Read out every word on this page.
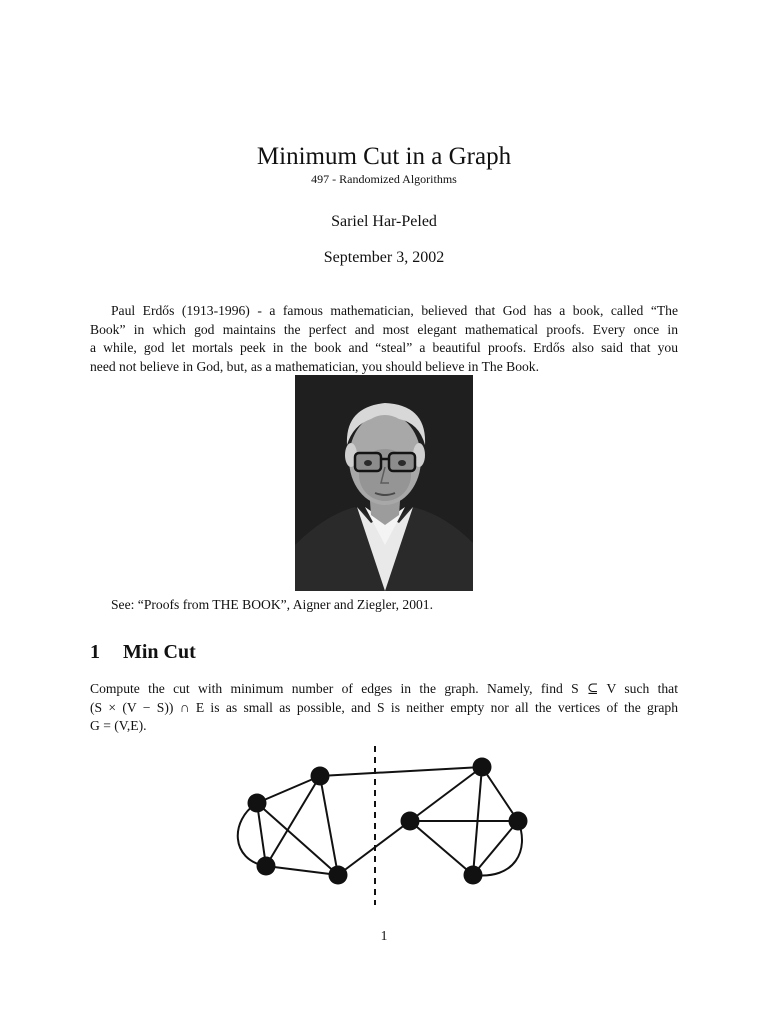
Minimum Cut in a Graph
497 - Randomized Algorithms
Sariel Har-Peled
September 3, 2002
Paul Erdős (1913-1996) - a famous mathematician, believed that God has a book, called “The
Book” in which god maintains the perfect and most elegant mathematical proofs. Every once in
a while, god let mortals peek in the book and “steal” a beautiful proofs. Erdős also said that you
need not believe in God, but, as a mathematician, you should believe in The Book.
See: “Proofs from THE BOOK”, Aigner and Ziegler, 2001.
1 Min Cut
Compute the cut with minimum number of edges in the graph. Namely, find S ⊆ V such that
(S × (V − S)) ∩ E is as small as possible, and S is neither empty nor all the vertices of the graph
G = (V,E).
1
